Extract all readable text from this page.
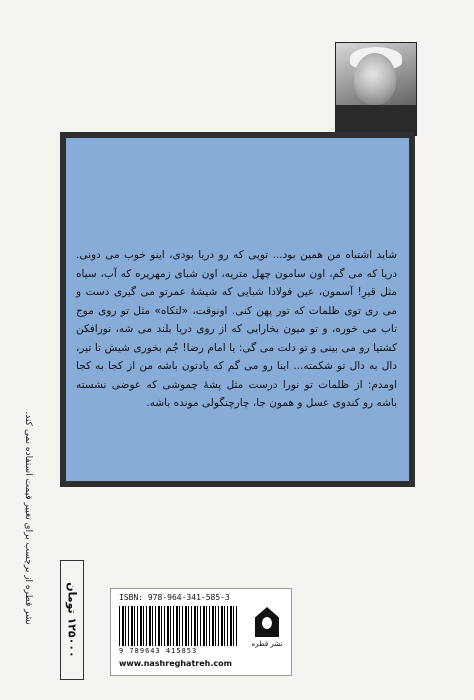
شاید اشتباه من همین بود... تویی که رو دریا بودی، اینو خوب می دونی. دریا که می گم، اون سامون چهل متریه، اون شبای زمهریره که آب، سیاه مثل قیرِ! آسمون، عین فولادا شبایی که شیشهٔ عمرتو می گیری دست و می ری توی ظلمات که تور پهن کنی. اونوقت، «لتکاه» مثل تو روی موج تاب می خوره، و تو میون بخارایی که از روی دریا بلند می شه، نورافکن کشتیا رو می بینی و تو دلت می گی: یا امام رضا! جُم بخوری شیش تا تیر، دال به دال تو شکمته... اینا رو می گم که یادتون باشه من از کجا به کجا اومدم: از ظلمات تو نورا درست مثل پشهٔ چموشی که عوضی نشسته باشه رو کندوی عسل و همون جا، چارچنگولی مونده باشه.

نشر قطره از برچسب برای تغییر قیمت استفاده نمی کند.	۱۲۵۰۰۰ تومان
ISBN: 978-964-341-585-3
9 789643 415853
www.nashreghatreh.com
نشر قطره
